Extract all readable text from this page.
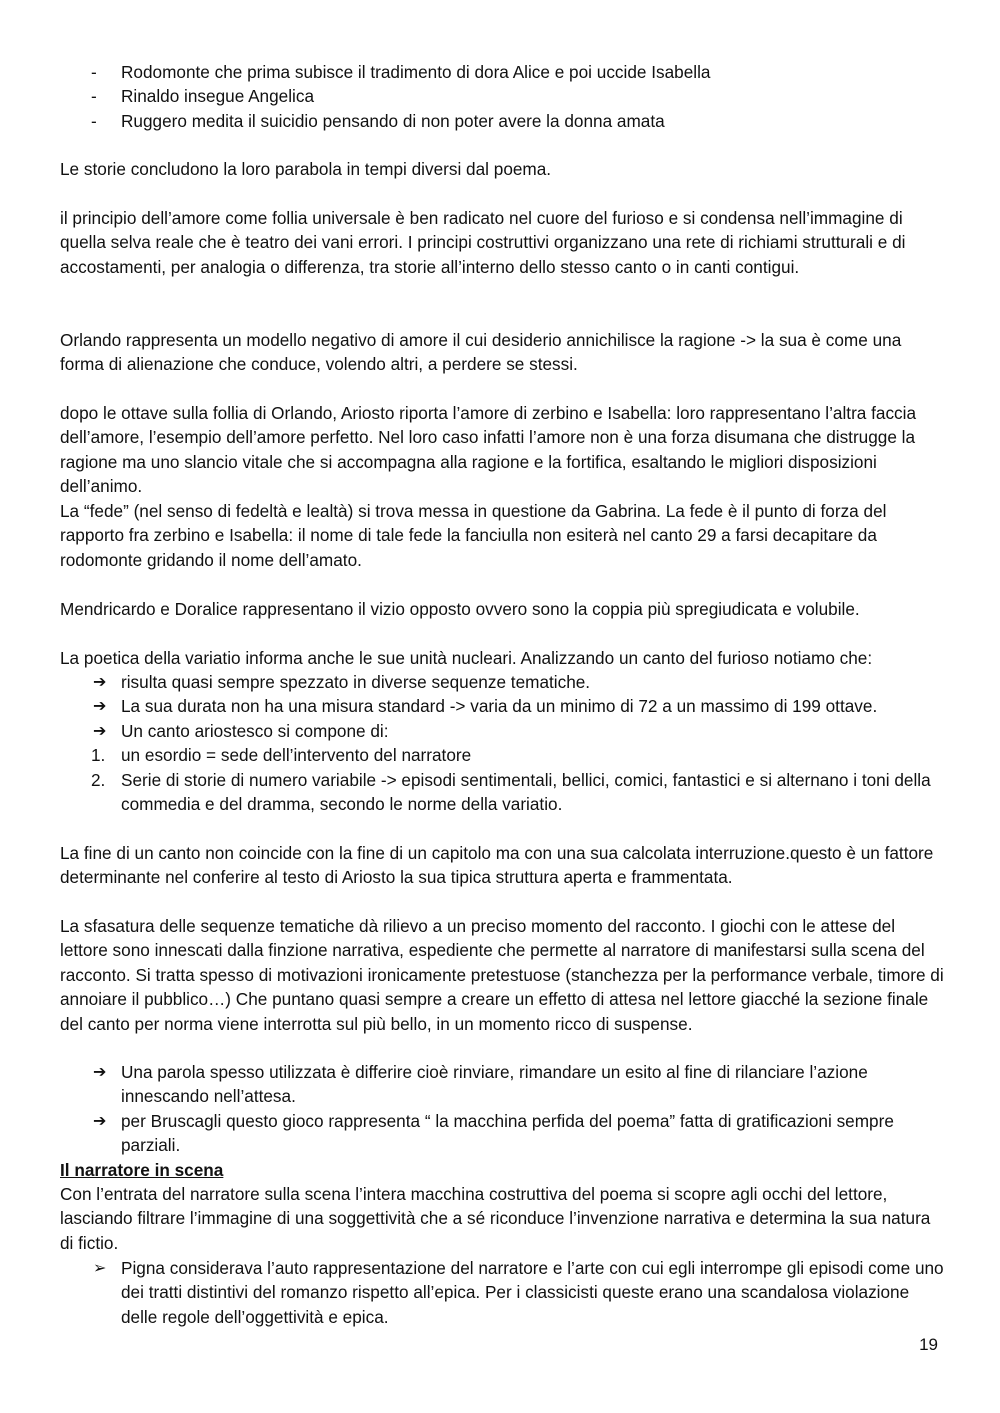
- Rodomonte che prima subisce il tradimento di dora Alice e poi uccide Isabella
- Rinaldo insegue Angelica
- Ruggero medita il suicidio pensando di non poter avere la donna amata

Le storie concludono la loro parabola in tempi diversi dal poema.

il principio dell’amore come follia universale è ben radicato nel cuore del furioso e si condensa nell’immagine di quella selva reale che è teatro dei vani errori. I principi costruttivi organizzano una rete di richiami strutturali e di accostamenti, per analogia o differenza, tra storie all’interno dello stesso canto o in canti contigui.

Orlando rappresenta un modello negativo di amore il cui desiderio annichilisce la ragione -> la sua è come una forma di alienazione che conduce, volendo altri, a perdere se stessi.

dopo le ottave sulla follia di Orlando, Ariosto riporta l’amore di zerbino e Isabella: loro rappresentano l’altra faccia dell’amore, l’esempio dell’amore perfetto. Nel loro caso infatti l’amore non è una forza disumana che distrugge la ragione ma uno slancio vitale che si accompagna alla ragione e la fortifica, esaltando le migliori disposizioni dell’animo.

La “fede” (nel senso di fedeltà e lealtà) si trova messa in questione da Gabrina. La fede è il punto di forza del rapporto fra zerbino e Isabella: il nome di tale fede la fanciulla non esiterà nel canto 29 a farsi decapitare da rodomonte gridando il nome dell’amato.

Mendricardo e Doralice rappresentano il vizio opposto ovvero sono la coppia più spregiudicata e volubile.

La poetica della variatio informa anche le sue unità nucleari. Analizzando un canto del furioso notiamo che:

➔ risulta quasi sempre spezzato in diverse sequenze tematiche.
➔ La sua durata non ha una misura standard -> varia da un minimo di 72 a un massimo di 199 ottave.
➔ Un canto ariostesco si compone di:
1. un esordio = sede dell’intervento del narratore
2. Serie di storie di numero variabile -> episodi sentimentali, bellici, comici, fantastici e si alternano i toni della commedia e del dramma, secondo le norme della variatio.

La fine di un canto non coincide con la fine di un capitolo ma con una sua calcolata interruzione.questo è un fattore determinante nel conferire al testo di Ariosto la sua tipica struttura aperta e frammentata.

La sfasatura delle sequenze tematiche dà rilievo a un preciso momento del racconto. I giochi con le attese del lettore sono innescati dalla finzione narrativa, espediente che permette al narratore di manifestarsi sulla scena del racconto. Si tratta spesso di motivazioni ironicamente pretestuose (stanchezza per la performance verbale, timore di annoiare il pubblico…) Che puntano quasi sempre a creare un effetto di attesa nel lettore giacché la sezione finale del canto per norma viene interrotta sul più bello, in un momento ricco di suspense.

➔ Una parola spesso utilizzata è differire cioè rinviare, rimandare un esito al fine di rilanciare l’azione innescando nell’attesa.
➔ per Bruscagli questo gioco rappresenta “ la macchina perfida del poema” fatta di gratificazioni sempre parziali.

Il narratore in scena

Con l’entrata del narratore sulla scena l’intera macchina costruttiva del poema si scopre agli occhi del lettore, lasciando filtrare l’immagine di una soggettività che a sé riconduce l’invenzione narrativa e determina la sua natura di fictio.

➢ Pigna considerava l’auto rappresentazione del narratore e l’arte con cui egli interrompe gli episodi come uno dei tratti distintivi del romanzo rispetto all’epica. Per i classicisti queste erano una scandalosa violazione delle regole dell’oggettività e epica.
19
